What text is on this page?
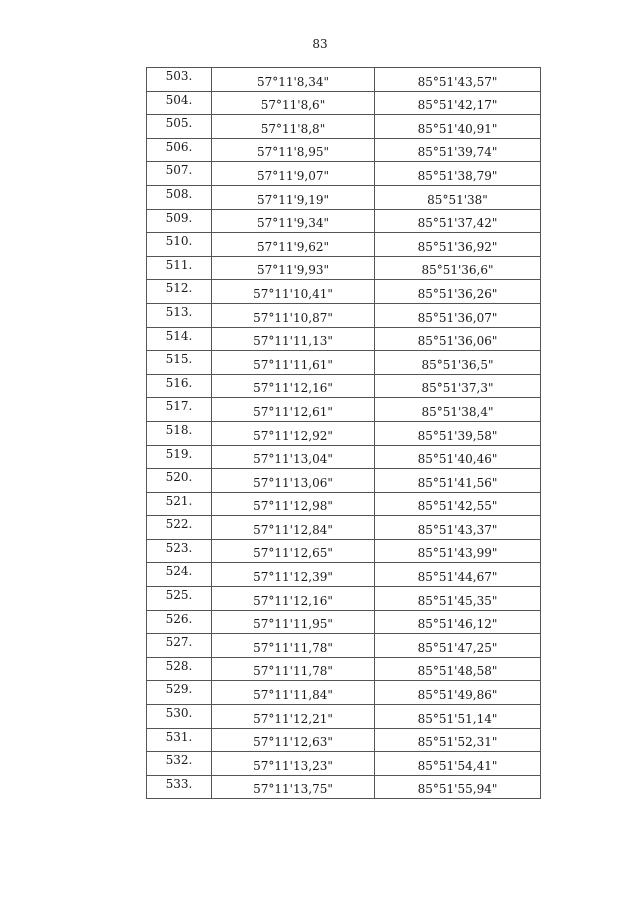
83
503.	57°11'8,34"	85°51'43,57"
504.	57°11'8,6"	85°51'42,17"
505.	57°11'8,8"	85°51'40,91"
506.	57°11'8,95"	85°51'39,74"
507.	57°11'9,07"	85°51'38,79"
508.	57°11'9,19"	85°51'38"
509.	57°11'9,34"	85°51'37,42"
510.	57°11'9,62"	85°51'36,92"
511.	57°11'9,93"	85°51'36,6"
512.	57°11'10,41"	85°51'36,26"
513.	57°11'10,87"	85°51'36,07"
514.	57°11'11,13"	85°51'36,06"
515.	57°11'11,61"	85°51'36,5"
516.	57°11'12,16"	85°51'37,3"
517.	57°11'12,61"	85°51'38,4"
518.	57°11'12,92"	85°51'39,58"
519.	57°11'13,04"	85°51'40,46"
520.	57°11'13,06"	85°51'41,56"
521.	57°11'12,98"	85°51'42,55"
522.	57°11'12,84"	85°51'43,37"
523.	57°11'12,65"	85°51'43,99"
524.	57°11'12,39"	85°51'44,67"
525.	57°11'12,16"	85°51'45,35"
526.	57°11'11,95"	85°51'46,12"
527.	57°11'11,78"	85°51'47,25"
528.	57°11'11,78"	85°51'48,58"
529.	57°11'11,84"	85°51'49,86"
530.	57°11'12,21"	85°51'51,14"
531.	57°11'12,63"	85°51'52,31"
532.	57°11'13,23"	85°51'54,41"
533.	57°11'13,75"	85°51'55,94"
